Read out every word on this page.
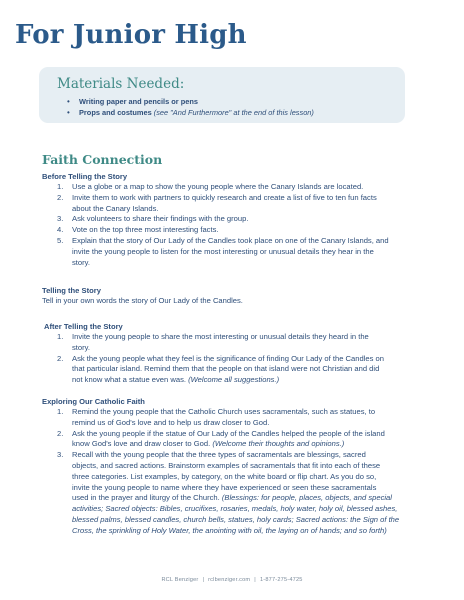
For Junior High
Materials Needed:
• Writing paper and pencils or pens
• Props and costumes (see "And Furthermore" at the end of this lesson)
Faith Connection
Before Telling the Story
1. Use a globe or a map to show the young people where the Canary Islands are located.
2. Invite them to work with partners to quickly research and create a list of five to ten fun facts
about the Canary Islands.
3. Ask volunteers to share their findings with the group.
4. Vote on the top three most interesting facts.
5. Explain that the story of Our Lady of the Candles took place on one of the Canary Islands, and
invite the young people to listen for the most interesting or unusual details they hear in the
story.
Telling the Story
Tell in your own words the story of Our Lady of the Candles.
After Telling the Story
1. Invite the young people to share the most interesting or unusual details they heard in the
story.
2. Ask the young people what they feel is the significance of finding Our Lady of the Candles on
that particular island. Remind them that the people on that island were not Christian and did
not know what a statue even was. (Welcome all suggestions.)
Exploring Our Catholic Faith
1. Remind the young people that the Catholic Church uses sacramentals, such as statues, to
remind us of God's love and to help us draw closer to God.
2. Ask the young people if the statue of Our Lady of the Candles helped the people of the island
know God's love and draw closer to God. (Welcome their thoughts and opinions.)
3. Recall with the young people that the three types of sacramentals are blessings, sacred
objects, and sacred actions. Brainstorm examples of sacramentals that fit into each of these
three categories. List examples, by category, on the white board or flip chart. As you do so,
invite the young people to name where they have experienced or seen these sacramentals
used in the prayer and liturgy of the Church. (Blessings: for people, places, objects, and special
activities; Sacred objects: Bibles, crucifixes, rosaries, medals, holy water, holy oil, blessed ashes,
blessed palms, blessed candles, church bells, statues, holy cards; Sacred actions: the Sign of the
Cross, the sprinkling of Holy Water, the anointing with oil, the laying on of hands; and so forth)
RCL Benziger | rclbenziger.com | 1-877-275-4725
